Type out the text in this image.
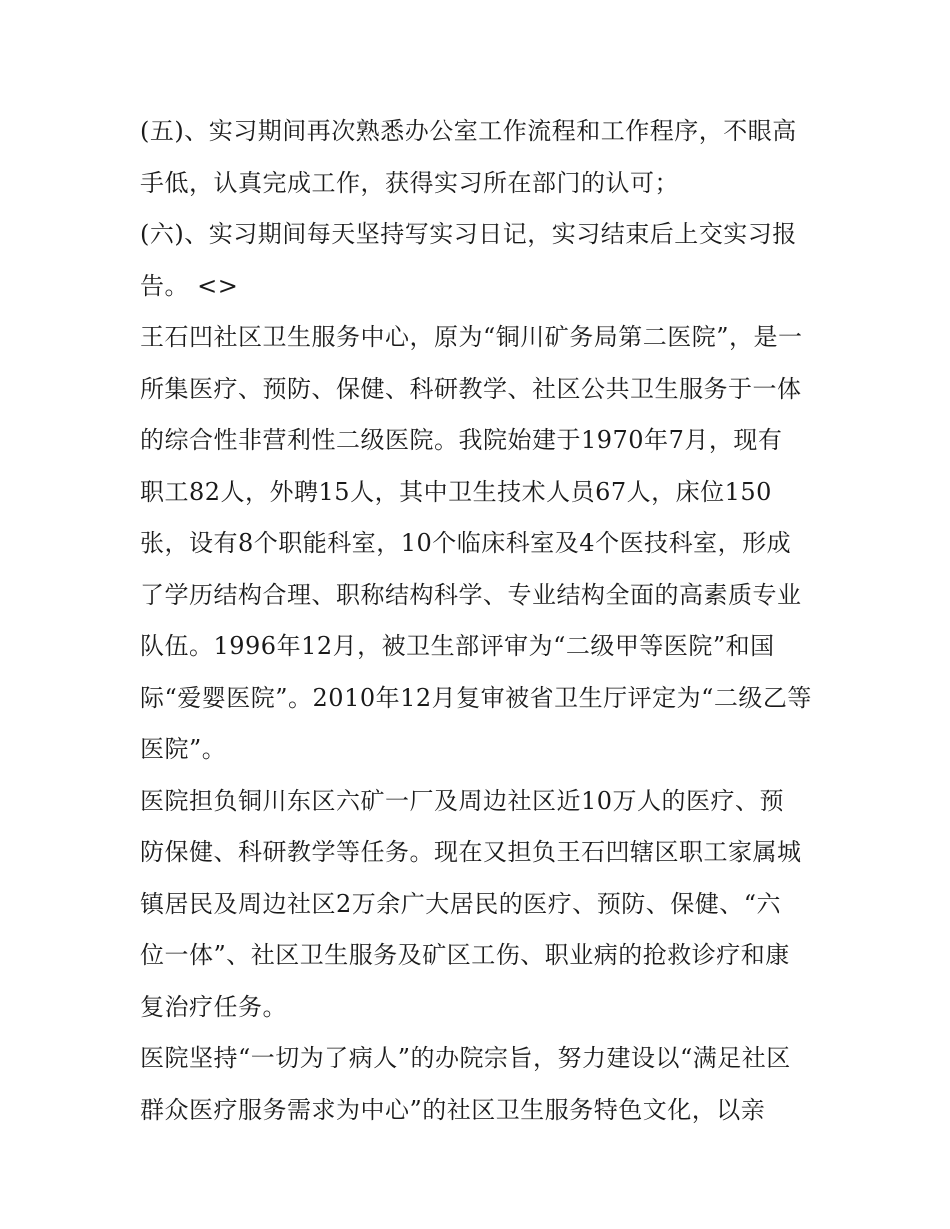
(五)、实习期间再次熟悉办公室工作流程和工作程序，不眼高
手低，认真完成工作，获得实习所在部门的认可；
(六)、实习期间每天坚持写实习日记，实习结束后上交实习报
告。 <>
王石凹社区卫生服务中心，原为“铜川矿务局第二医院”，是一
所集医疗、预防、保健、科研教学、社区公共卫生服务于一体
的综合性非营利性二级医院。我院始建于1970年7月，现有
职工82人，外聘15人，其中卫生技术人员67人，床位150
张，设有8个职能科室，10个临床科室及4个医技科室，形成
了学历结构合理、职称结构科学、专业结构全面的高素质专业
队伍。1996年12月，被卫生部评审为“二级甲等医院”和国
际“爱婴医院”。2010年12月复审被省卫生厅评定为“二级乙等
医院”。
医院担负铜川东区六矿一厂及周边社区近10万人的医疗、预
防保健、科研教学等任务。现在又担负王石凹辖区职工家属城
镇居民及周边社区2万余广大居民的医疗、预防、保健、“六
位一体”、社区卫生服务及矿区工伤、职业病的抢救诊疗和康
复治疗任务。
医院坚持“一切为了病人”的办院宗旨，努力建设以“满足社区
群众医疗服务需求为中心”的社区卫生服务特色文化，以亲
